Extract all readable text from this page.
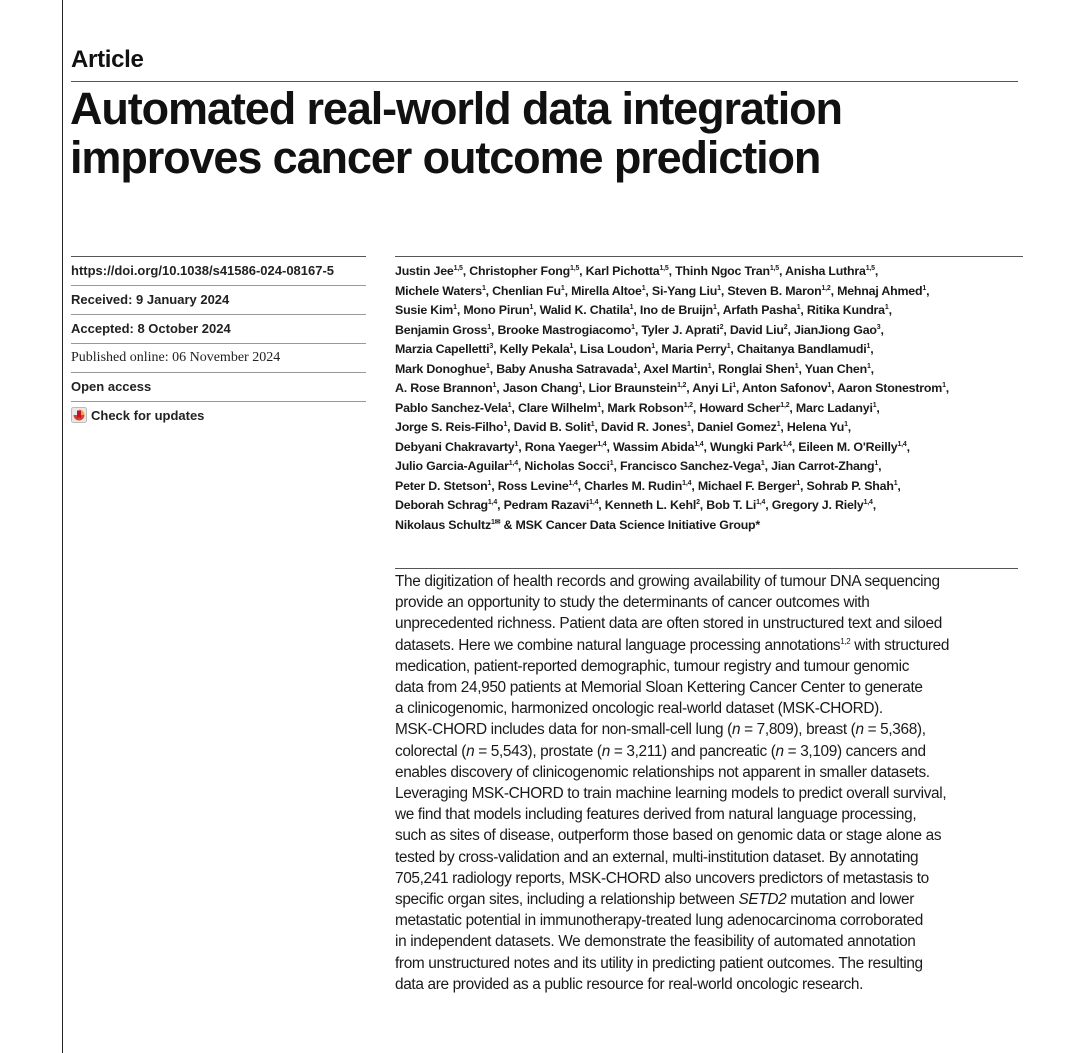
Article
Automated real-world data integration
improves cancer outcome prediction
https://doi.org/10.1038/s41586-024-08167-5
Received: 9 January 2024
Accepted: 8 October 2024
Published online: 06 November 2024
Open access
Check for updates
Justin Jee$^{1,5}$, Christopher Fong$^{1,5}$, Karl Pichotta$^{1,5}$, Thinh Ngoc Tran$^{1,5}$, Anisha Luthra$^{1,5}$,
Michele Waters$^1$, Chenlian Fu$^1$, Mirella Altoe$^1$, Si-Yang Liu$^1$, Steven B. Maron$^{1,2}$, Mehnaj Ahmed$^1$,
Susie Kim$^1$, Mono Pirun$^1$, Walid K. Chatila$^1$, Ino de Bruijn$^1$, Arfath Pasha$^1$, Ritika Kundra$^1$,
Benjamin Gross$^1$, Brooke Mastrogiacomo$^1$, Tyler J. Aprati$^2$, David Liu$^2$, JianJiong Gao$^3$,
Marzia Capelletti$^3$, Kelly Pekala$^1$, Lisa Loudon$^1$, Maria Perry$^1$, Chaitanya Bandlamudi$^1$,
Mark Donoghue$^1$, Baby Anusha Satravada$^1$, Axel Martin$^1$, Ronglai Shen$^1$, Yuan Chen$^1$,
A. Rose Brannon$^1$, Jason Chang$^1$, Lior Braunstein$^{1,2}$, Anyi Li$^1$, Anton Safonov$^1$, Aaron Stonestrom$^1$,
Pablo Sanchez-Vela$^1$, Clare Wilhelm$^1$, Mark Robson$^{1,2}$, Howard Scher$^{1,2}$, Marc Ladanyi$^1$,
Jorge S. Reis-Filho$^1$, David B. Solit$^1$, David R. Jones$^1$, Daniel Gomez$^1$, Helena Yu$^1$,
Debyani Chakravarty$^1$, Rona Yaeger$^{1,4}$, Wassim Abida$^{1,4}$, Wungki Park$^{1,4}$, Eileen M. O'Reilly$^{1,4}$,
Julio Garcia-Aguilar$^{1,4}$, Nicholas Socci$^1$, Francisco Sanchez-Vega$^1$, Jian Carrot-Zhang$^1$,
Peter D. Stetson$^1$, Ross Levine$^{1,4}$, Charles M. Rudin$^{1,4}$, Michael F. Berger$^1$, Sohrab P. Shah$^1$,
Deborah Schrag$^{1,4}$, Pedram Razavi$^{1,4}$, Kenneth L. Kehl$^2$, Bob T. Li$^{1,4}$, Gregory J. Riely$^{1,4}$,
Nikolaus Schultz$^{1✉}$ & MSK Cancer Data Science Initiative Group*
The digitization of health records and growing availability of tumour DNA sequencing
provide an opportunity to study the determinants of cancer outcomes with
unprecedented richness. Patient data are often stored in unstructured text and siloed
datasets. Here we combine natural language processing annotations$^{1,2}$ with structured
medication, patient-reported demographic, tumour registry and tumour genomic
data from 24,950 patients at Memorial Sloan Kettering Cancer Center to generate
a clinicogenomic, harmonized oncologic real-world dataset (MSK-CHORD).
MSK-CHORD includes data for non-small-cell lung (n = 7,809), breast (n = 5,368),
colorectal (n = 5,543), prostate (n = 3,211) and pancreatic (n = 3,109) cancers and
enables discovery of clinicogenomic relationships not apparent in smaller datasets.
Leveraging MSK-CHORD to train machine learning models to predict overall survival,
we find that models including features derived from natural language processing,
such as sites of disease, outperform those based on genomic data or stage alone as
tested by cross-validation and an external, multi-institution dataset. By annotating
705,241 radiology reports, MSK-CHORD also uncovers predictors of metastasis to
specific organ sites, including a relationship between SETD2 mutation and lower
metastatic potential in immunotherapy-treated lung adenocarcinoma corroborated
in independent datasets. We demonstrate the feasibility of automated annotation
from unstructured notes and its utility in predicting patient outcomes. The resulting
data are provided as a public resource for real-world oncologic research.
